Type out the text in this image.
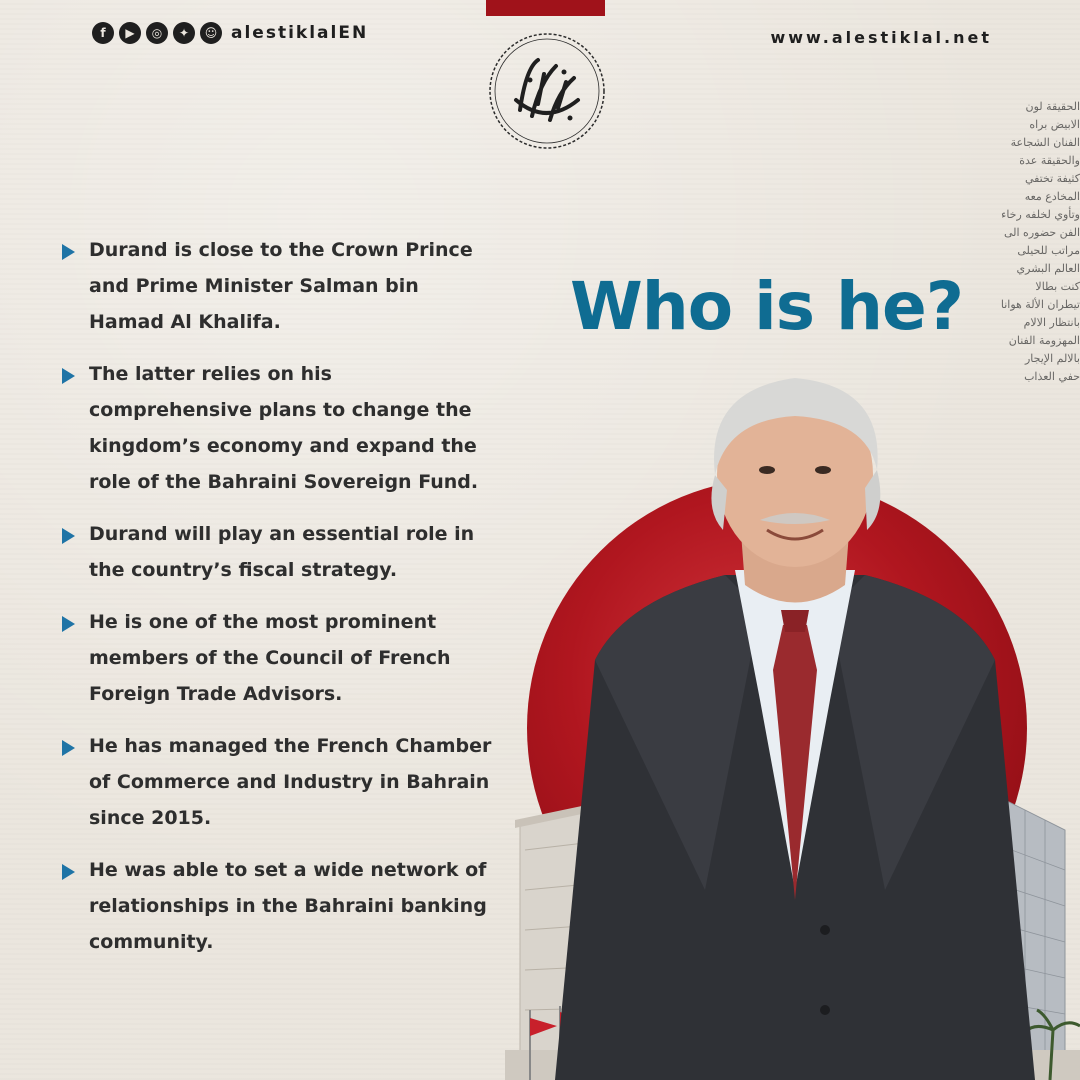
الحقيقة لون الابيض براه الفنان الشجاعة والحقيقة عدة كثيفة تختفي المخادع معه وتأوي لخلفه رخاء الفن حضوره الى مراتب للحيلى العالم البشري كنت بطالا تيطران الألة هوانا بانتظار الالام المهزومة الفنان بالالم الإيجار حفي العذاب
f	▶	◎	✦	☺ alestiklalEN	www.alestiklal.net
Who is he?
Durand is close to the Crown Prince and Prime Minister Salman bin Hamad Al Khalifa.
The latter relies on his comprehensive plans to change the kingdom’s economy and expand the role of the Bahraini Sovereign Fund.
Durand will play an essential role in the country’s fiscal strategy.
He is one of the most prominent members of the Council of French Foreign Trade Advisors.
He has managed the French Chamber of Commerce and Industry in Bahrain since 2015.
He was able to set a wide network of relationships in the Bahraini banking community.
